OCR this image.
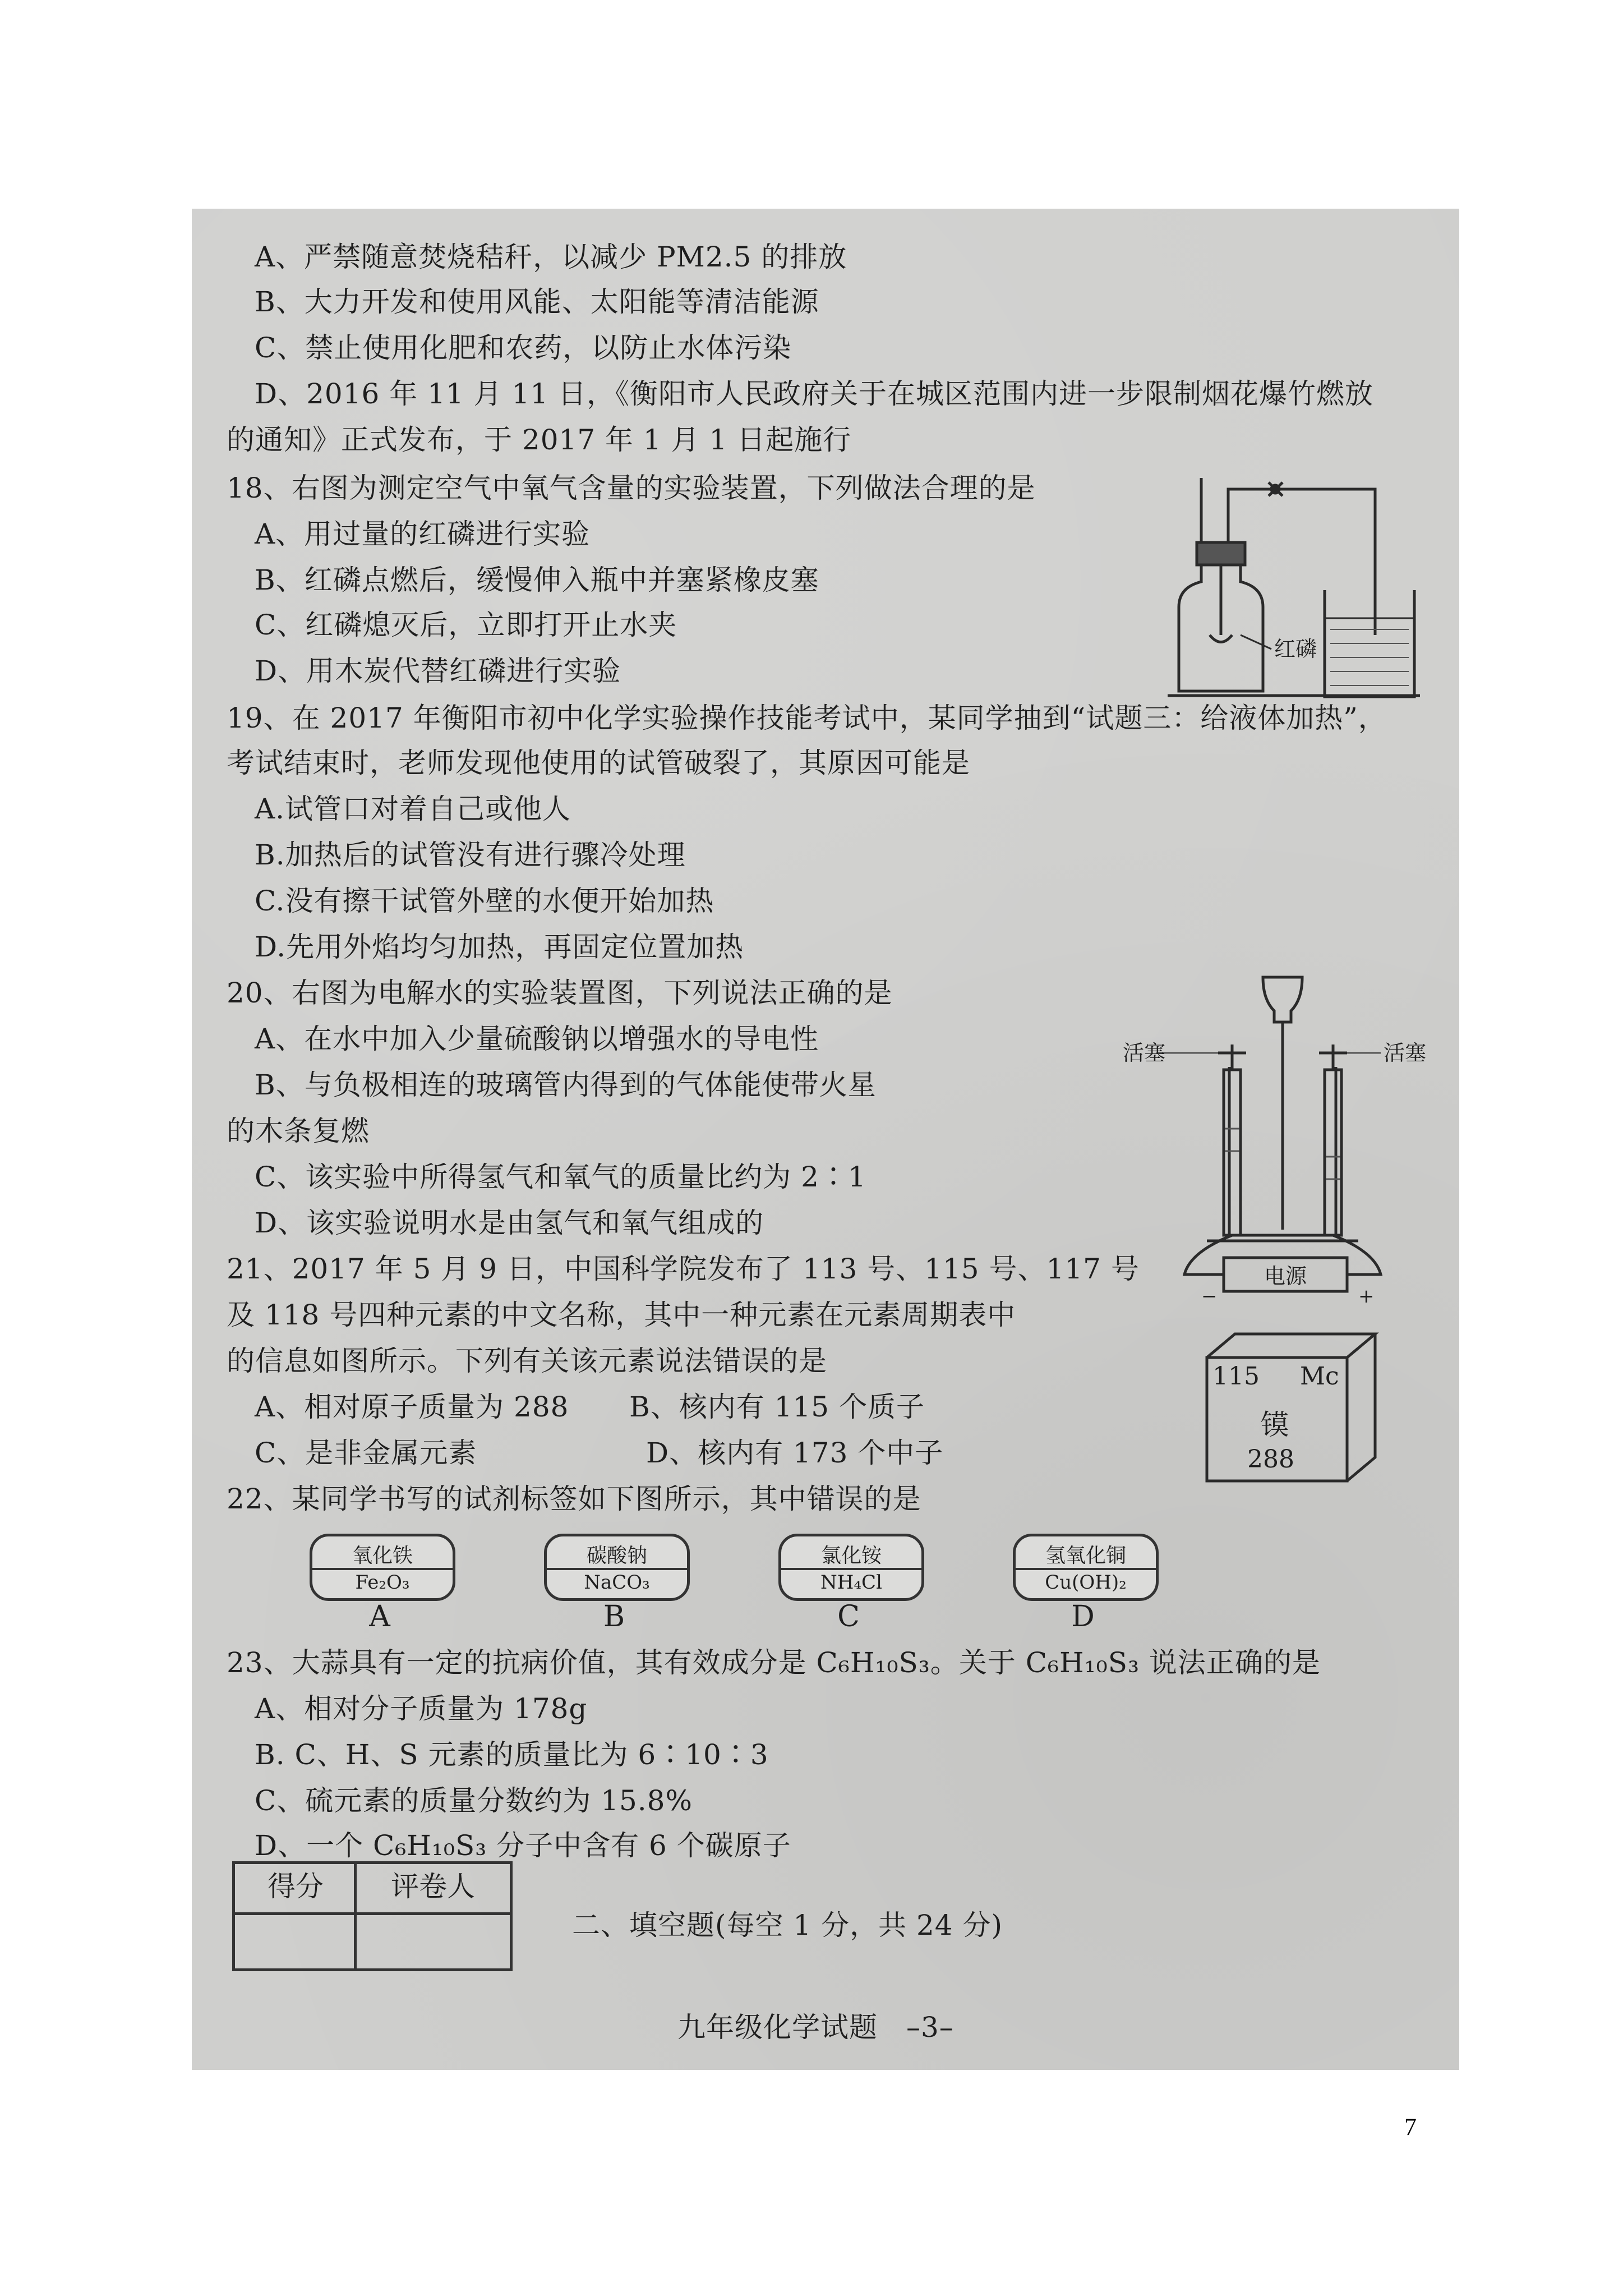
A、严禁随意焚烧秸秆，以减少 PM2.5 的排放
B、大力开发和使用风能、太阳能等清洁能源
C、禁止使用化肥和农药，以防止水体污染
D、2016 年 11 月 11 日，《衡阳市人民政府关于在城区范围内进一步限制烟花爆竹燃放
的通知》正式发布，于 2017 年 1 月 1 日起施行
18、右图为测定空气中氧气含量的实验装置，下列做法合理的是
A、用过量的红磷进行实验
B、红磷点燃后，缓慢伸入瓶中并塞紧橡皮塞
C、红磷熄灭后，立即打开止水夹
D、用木炭代替红磷进行实验
红磷
19、在 2017 年衡阳市初中化学实验操作技能考试中，某同学抽到“试题三：给液体加热”，
考试结束时，老师发现他使用的试管破裂了，其原因可能是
A.试管口对着自己或他人
B.加热后的试管没有进行骤冷处理
C.没有擦干试管外壁的水便开始加热
D.先用外焰均匀加热，再固定位置加热
20、右图为电解水的实验装置图，下列说法正确的是
A、在水中加入少量硫酸钠以增强水的导电性
B、与负极相连的玻璃管内得到的气体能使带火星
的木条复燃
C、该实验中所得氢气和氧气的质量比约为 2∶1
D、该实验说明水是由氢气和氧气组成的
活塞	活塞
电源
−	+
21、2017 年 5 月 9 日，中国科学院发布了 113 号、115 号、117 号
及 118 号四种元素的中文名称，其中一种元素在元素周期表中
的信息如图所示。下列有关该元素说法错误的是
A、相对原子质量为 288 B、核内有 115 个质子
C、是非金属元素	D、核内有 173 个中子
115 Mc
镆
288
22、某同学书写的试剂标签如下图所示，其中错误的是
氧化铁
Fe₂O₃
碳酸钠
NaCO₃
氯化铵
NH₄Cl
氢氧化铜
Cu(OH)₂
A	B	C	D
23、大蒜具有一定的抗病价值，其有效成分是 C₆H₁₀S₃。关于 C₆H₁₀S₃ 说法正确的是
A、相对分子质量为 178g
B. C、H、S 元素的质量比为 6∶10∶3
C、硫元素的质量分数约为 15.8%
D、一个 C₆H₁₀S₃ 分子中含有 6 个碳原子
得分	评卷人
二、填空题(每空 1 分，共 24 分)
九年级化学试题　–3–
7
